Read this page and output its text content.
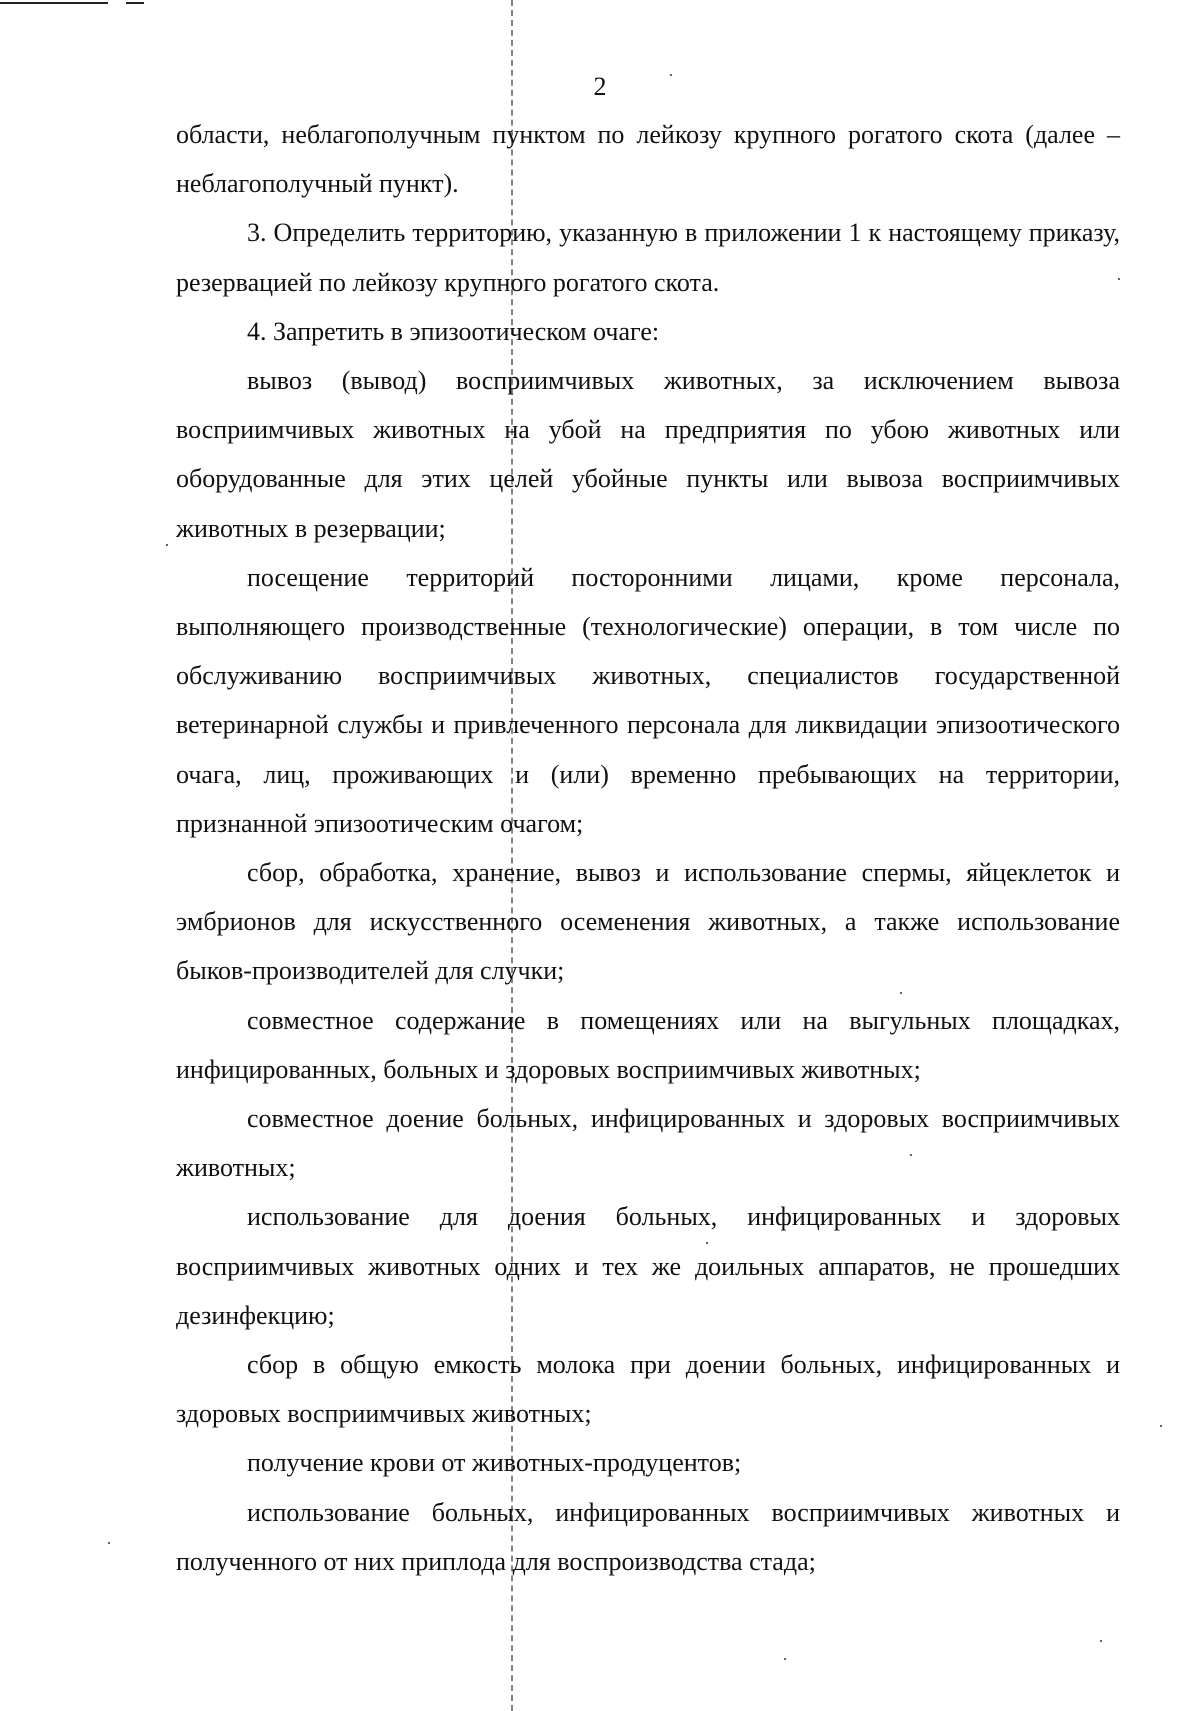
2

области, неблагополучным пунктом по лейкозу крупного рогатого скота (далее – неблагополучный пункт).

3. Определить территорию, указанную в приложении 1 к настоящему приказу, резервацией по лейкозу крупного рогатого скота.

4. Запретить в эпизоотическом очаге:

вывоз (вывод) восприимчивых животных, за исключением вывоза восприимчивых животных на убой на предприятия по убою животных или оборудованные для этих целей убойные пункты или вывоза восприимчивых животных в резервации;

посещение территорий посторонними лицами, кроме персонала, выполняющего производственные (технологические) операции, в том числе по обслуживанию восприимчивых животных, специалистов государственной ветеринарной службы и привлеченного персонала для ликвидации эпизоотического очага, лиц, проживающих и (или) временно пребывающих на территории, признанной эпизоотическим очагом;

сбор, обработка, хранение, вывоз и использование спермы, яйцеклеток и эмбрионов для искусственного осеменения животных, а также использование быков-производителей для случки;

совместное содержание в помещениях или на выгульных площадках, инфицированных, больных и здоровых восприимчивых животных;

совместное доение больных, инфицированных и здоровых восприимчивых животных;

использование для доения больных, инфицированных и здоровых восприимчивых животных одних и тех же доильных аппаратов, не прошедших дезинфекцию;

сбор в общую емкость молока при доении больных, инфицированных и здоровых восприимчивых животных;

получение крови от животных-продуцентов;

использование больных, инфицированных восприимчивых животных и полученного от них приплода для воспроизводства стада;
